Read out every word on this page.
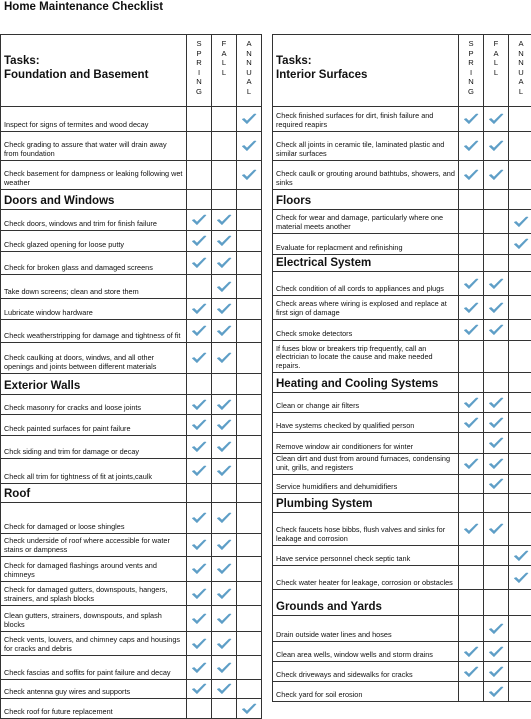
Home Maintenance Checklist
Tasks:
Foundation and Basement
S
P
R
I
N
G
F
A
L
L
A
N
N
U
A
L
Inspect for signs of termites and wood decay
Check grading to assure that water will drain away from foundation
Check basement for dampness or leaking following wet weather
Doors and Windows
Check doors, windows and trim for finish failure
Check glazed opening for loose putty
Check for broken glass and damaged screens
Take down screens; clean and store them
Lubricate window hardware
Check weatherstripping for damage and tightness of fit
Check caulking at doors, windws, and all other openings and joints between different materials
Exterior Walls
Check masonry for cracks and loose joints
Check painted surfaces for paint failure
Chck siding and trim for damage or decay
Check all trim for tightness of fit at joints,caulk
Roof
Check for damaged or loose shingles
Check underside of roof where accessible for water stains or dampness
Check for damaged flashings around vents and chimneys
Check for damaged gutters, downspouts, hangers, strainers, and splash blocks
Clean gutters, strainers, downspouts, and splash blocks
Check vents, louvers, and chimney caps and housings for cracks and debris
Check fascias and soffits for paint failure and decay
Check antenna guy wires and supports
Check roof for future replacement
Tasks:
Interior Surfaces
S
P
R
I
N
G
F
A
L
L
A
N
N
U
A
L
Check finished surfaces for dirt, finish failure and required reapirs
Check all joints in ceramic tile, laminated plastic and similar surfaces
Check caulk or grouting around bathtubs, showers, and sinks
Floors
Check for wear and damage, particularly where one material meets another
Evaluate for replacment and refinishing
Electrical System
Check condition of all cords to appliances and plugs
Check areas where wiring is explosed and replace at first sign of damage
Check smoke detectors
If fuses blow or breakers trip frequently, call an electrician to locate the cause and make needed repairs.
Heating and Cooling Systems
Clean or change air filters
Have systems checked by qualified person
Remove window air conditioners for winter
Clean dirt and dust from around furnaces, condensing unit, grills, and registers
Service humidifiers and dehumidifiers
Plumbing System
Check faucets hose bibbs, flush valves and sinks for leakage and corrosion
Have service personnel check septic tank
Check water heater for leakage, corrosion or obstacles
Grounds and Yards
Drain outside water lines and hoses
Clean area wells, window wells and storm drains
Check driveways and sidewalks for cracks
Check yard for soil erosion
